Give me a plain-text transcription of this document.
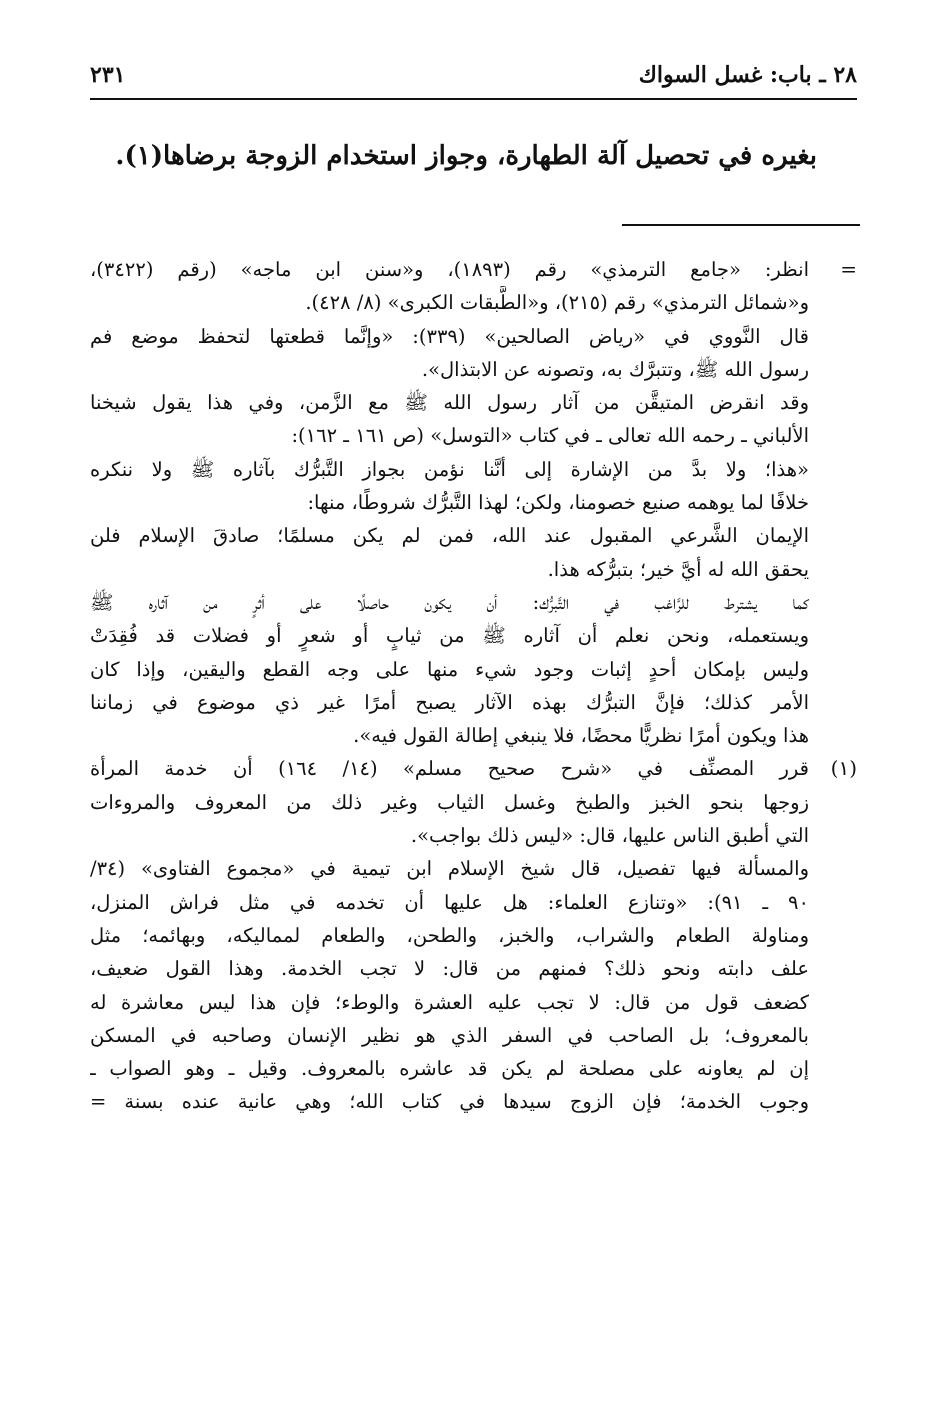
٢٨ ـ باب: غسل السواك
٢٣١
بغيره في تحصيل آلة الطهارة، وجواز استخدام الزوجة برضاها(١).
=
انظر: «جامع الترمذي» رقم (١٨٩٣)، و«سنن ابن ماجه» (رقم (٣٤٢٢)،
و«شمائل الترمذي» رقم (٢١٥)، و«الطَّبقات الكبرى» (٨/ ٤٢٨).
قال النَّووي في «رياض الصالحين» (٣٣٩): «وإنَّما قطعتها لتحفظ موضع فم
رسول الله ﷺ، وتتبرَّك به، وتصونه عن الابتذال».
وقد انقرض المتيقَّن من آثار رسول الله ﷺ مع الزَّمن، وفي هذا يقول شيخنا
الألباني ـ رحمه الله تعالى ـ في كتاب «التوسل» (ص ١٦١ ـ ١٦٢):
«هذا؛ ولا بدَّ من الإشارة إلى أنَّنا نؤمن بجواز التَّبرُّك بآثاره ﷺ ولا ننكره
خلافًا لما يوهمه صنيع خصومنا، ولكن؛ لهذا التَّبرُّك شروطًا، منها:
الإيمان الشَّرعي المقبول عند الله، فمن لم يكن مسلمًا؛ صادقَ الإسلام فلن
يحقق الله له أيَّ خير؛ بتبرُّكه هذا.
كما يشترط للرَّاغب في التَّبرُّك: أن يكون حاصلًا على أثرٍ من آثاره ﷺ
ويستعمله، ونحن نعلم أن آثاره ﷺ من ثيابٍ أو شعرٍ أو فضلات قد فُقِدَتْ
وليس بإمكان أحدٍ إثبات وجود شيء منها على وجه القطع واليقين، وإذا كان
الأمر كذلك؛ فإنَّ التبرُّك بهذه الآثار يصبح أمرًا غير ذي موضوع في زماننا
هذا ويكون أمرًا نظريًّا محضًا، فلا ينبغي إطالة القول فيه».
(١)
قرر المصنِّف في «شرح صحيح مسلم» (١٤/ ١٦٤) أن خدمة المرأة
زوجها بنحو الخبز والطبخ وغسل الثياب وغير ذلك من المعروف والمروءات
التي أطبق الناس عليها، قال: «ليس ذلك بواجب».
والمسألة فيها تفصيل، قال شيخ الإسلام ابن تيمية في «مجموع الفتاوى» (٣٤/
٩٠ ـ ٩١): «وتنازع العلماء: هل عليها أن تخدمه في مثل فراش المنزل،
ومناولة الطعام والشراب، والخبز، والطحن، والطعام لمماليكه، وبهائمه؛ مثل
علف دابته ونحو ذلك؟ فمنهم من قال: لا تجب الخدمة. وهذا القول ضعيف،
كضعف قول من قال: لا تجب عليه العشرة والوطء؛ فإن هذا ليس معاشرة له
بالمعروف؛ بل الصاحب في السفر الذي هو نظير الإنسان وصاحبه في المسكن
إن لم يعاونه على مصلحة لم يكن قد عاشره بالمعروف. وقيل ـ وهو الصواب ـ
وجوب الخدمة؛ فإن الزوج سيدها في كتاب الله؛ وهي عانية عنده بسنة =
